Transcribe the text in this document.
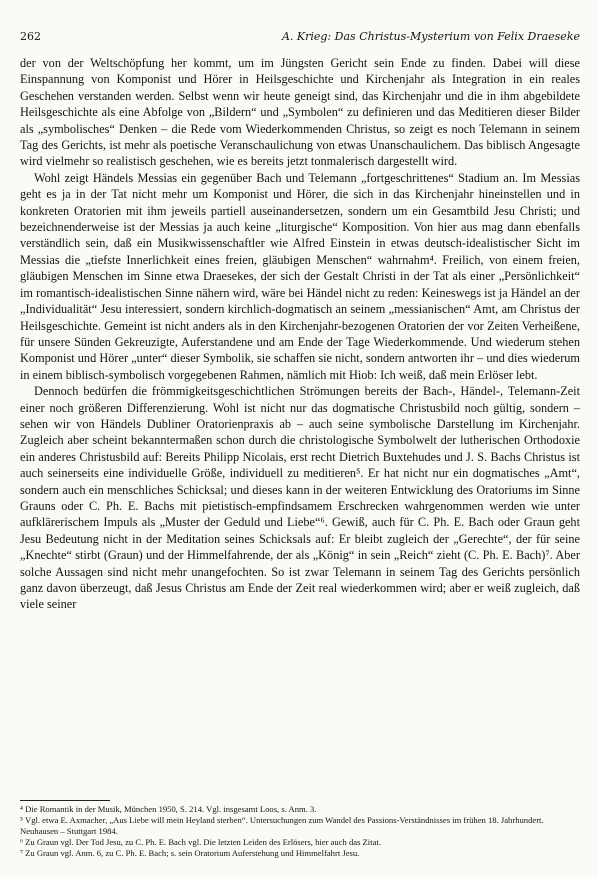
262	A. Krieg: Das Christus-Mysterium von Felix Draeseke

der von der Weltschöpfung her kommt, um im Jüngsten Gericht sein Ende zu finden. Dabei will diese Einspannung von Komponist und Hörer in Heilsgeschichte und Kirchenjahr als Integration in ein reales Geschehen verstanden werden. Selbst wenn wir heute geneigt sind, das Kirchenjahr und die in ihm abgebildete Heilsgeschichte als eine Abfolge von „Bildern“ und „Symbolen“ zu definieren und das Meditieren dieser Bilder als „symbolisches“ Denken – die Rede vom Wiederkommenden Christus, so zeigt es noch Telemann in seinem Tag des Gerichts, ist mehr als poetische Veranschaulichung von etwas Unanschaulichem. Das biblisch Angesagte wird vielmehr so realistisch geschehen, wie es bereits jetzt tonmalerisch dargestellt wird.

Wohl zeigt Händels Messias ein gegenüber Bach und Telemann „fortgeschrittenes“ Stadium an. Im Messias geht es ja in der Tat nicht mehr um Komponist und Hörer, die sich in das Kirchenjahr hineinstellen und in konkreten Oratorien mit ihm jeweils partiell auseinandersetzen, sondern um ein Gesamtbild Jesu Christi; und bezeichnenderweise ist der Messias ja auch keine „liturgische“ Komposition. Von hier aus mag dann ebenfalls verständlich sein, daß ein Musikwissenschaftler wie Alfred Einstein in etwas deutsch-idealistischer Sicht im Messias die „tiefste Innerlichkeit eines freien, gläubigen Menschen“ wahrnahm⁴. Freilich, von einem freien, gläubigen Menschen im Sinne etwa Draesekes, der sich der Gestalt Christi in der Tat als einer „Persönlichkeit“ im romantisch-idealistischen Sinne nähern wird, wäre bei Händel nicht zu reden: Keineswegs ist ja Händel an der „Individualität“ Jesu interessiert, sondern kirchlich-dogmatisch an seinem „messianischen“ Amt, am Christus der Heilsgeschichte. Gemeint ist nicht anders als in den Kirchenjahr-bezogenen Oratorien der vor Zeiten Verheißene, für unsere Sünden Gekreuzigte, Auferstandene und am Ende der Tage Wiederkommende. Und wiederum stehen Komponist und Hörer „unter“ dieser Symbolik, sie schaffen sie nicht, sondern antworten ihr – und dies wiederum in einem biblisch-symbolisch vorgegebenen Rahmen, nämlich mit Hiob: Ich weiß, daß mein Erlöser lebt.

Dennoch bedürfen die frömmigkeitsgeschichtlichen Strömungen bereits der Bach-, Händel-, Telemann-Zeit einer noch größeren Differenzierung. Wohl ist nicht nur das dogmatische Christusbild noch gültig, sondern – sehen wir von Händels Dubliner Oratorienpraxis ab – auch seine symbolische Darstellung im Kirchenjahr. Zugleich aber scheint bekanntermaßen schon durch die christologische Symbolwelt der lutherischen Orthodoxie ein anderes Christusbild auf: Bereits Philipp Nicolais, erst recht Dietrich Buxtehudes und J. S. Bachs Christus ist auch seinerseits eine individuelle Größe, individuell zu meditieren⁵. Er hat nicht nur ein dogmatisches „Amt“, sondern auch ein menschliches Schicksal; und dieses kann in der weiteren Entwicklung des Oratoriums im Sinne Grauns oder C. Ph. E. Bachs mit pietistisch-empfindsamem Erschrecken wahrgenommen werden wie unter aufklärerischem Impuls als „Muster der Geduld und Liebe“⁶. Gewiß, auch für C. Ph. E. Bach oder Graun geht Jesu Bedeutung nicht in der Meditation seines Schicksals auf: Er bleibt zugleich der „Gerechte“, der für seine „Knechte“ stirbt (Graun) und der Himmelfahrende, der als „König“ in sein „Reich“ zieht (C. Ph. E. Bach)⁷. Aber solche Aussagen sind nicht mehr unangefochten. So ist zwar Telemann in seinem Tag des Gerichts persönlich ganz davon überzeugt, daß Jesus Christus am Ende der Zeit real wiederkommen wird; aber er weiß zugleich, daß viele seiner

⁴ Die Romantik in der Musik, München 1950, S. 214. Vgl. insgesamt Loos, s. Anm. 3.
⁵ Vgl. etwa E. Axmacher, „Aus Liebe will mein Heyland sterben“. Untersuchungen zum Wandel des Passions-Verständnisses im frühen 18. Jahrhundert. Neuhausen – Stuttgart 1984.
⁶ Zu Graun vgl. Der Tod Jesu, zu C. Ph. E. Bach vgl. Die letzten Leiden des Erlösers, hier auch das Zitat.
⁷ Zu Graun vgl. Anm. 6, zu C. Ph. E. Bach; s. sein Oratorium Auferstehung und Himmelfahrt Jesu.
